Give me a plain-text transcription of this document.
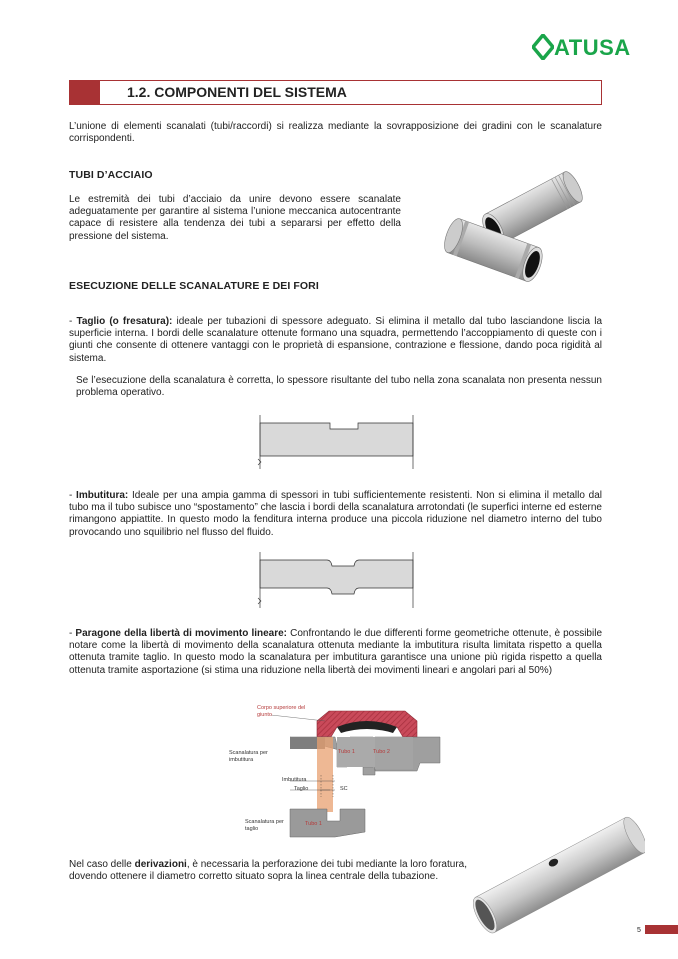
ATUSA
1.2. COMPONENTI DEL SISTEMA
L’unione di elementi scanalati (tubi/raccordi) si realizza mediante la sovrapposizione dei gradini con le scanalature corrispondenti.
TUBI D’ACCIAIO
Le estremità dei tubi d’acciaio da unire devono essere scanalate adeguatamente per garantire al sistema l’unione meccanica autocentrante capace di resistere alla tendenza dei tubi a separarsi per effetto della pressione del sistema.
ESECUZIONE DELLE SCANALATURE E DEI FORI
- Taglio (o fresatura): ideale per tubazioni di spessore adeguato. Si elimina il metallo dal tubo lasciandone liscia la superficie interna. I bordi delle scanalature ottenute formano una squadra, permettendo l’accoppiamento di queste con i giunti che consente di ottenere vantaggi con le proprietà di espansione, contrazione e flessione, dando poca rigidità al sistema.
Se l’esecuzione della scanalatura è corretta, lo spessore risultante del tubo nella zona scanalata non presenta nessun problema operativo.
- Imbutitura: Ideale per una ampia gamma di spessori in tubi sufficientemente resistenti. Non si elimina il metallo dal tubo ma il tubo subisce uno “spostamento” che lascia i bordi della scanalatura arrotondati (le superfici interne ed esterne rimangono appiattite. In questo modo la fenditura interna produce una piccola riduzione nel diametro interno del tubo provocando uno squilibrio nel flusso del fluido.
- Paragone della libertà di movimento lineare: Confrontando le due differenti forme geometriche ottenute, è possibile notare come la libertà di movimento della scanalatura ottenuta mediante la imbutitura risulta limitata rispetto a quella ottenuta tramite taglio. In questo modo la scanalatura per imbutitura garantisce una unione più rigida rispetto a quella ottenuta tramite asportazione (si stima una riduzione nella libertà dei movimenti lineari e angolari pari al 50%)
Corpo superiore del giunto
Scanalatura per imbutitura
Tubo 1	Tubo 2
Imbutitura
Taglio	SC
Scanalatura per taglio
Tubo 1
Nel caso delle derivazioni, è necessaria la perforazione dei tubi mediante la loro foratura, dovendo ottenere il diametro corretto situato sopra la linea centrale della tubazione.
5
